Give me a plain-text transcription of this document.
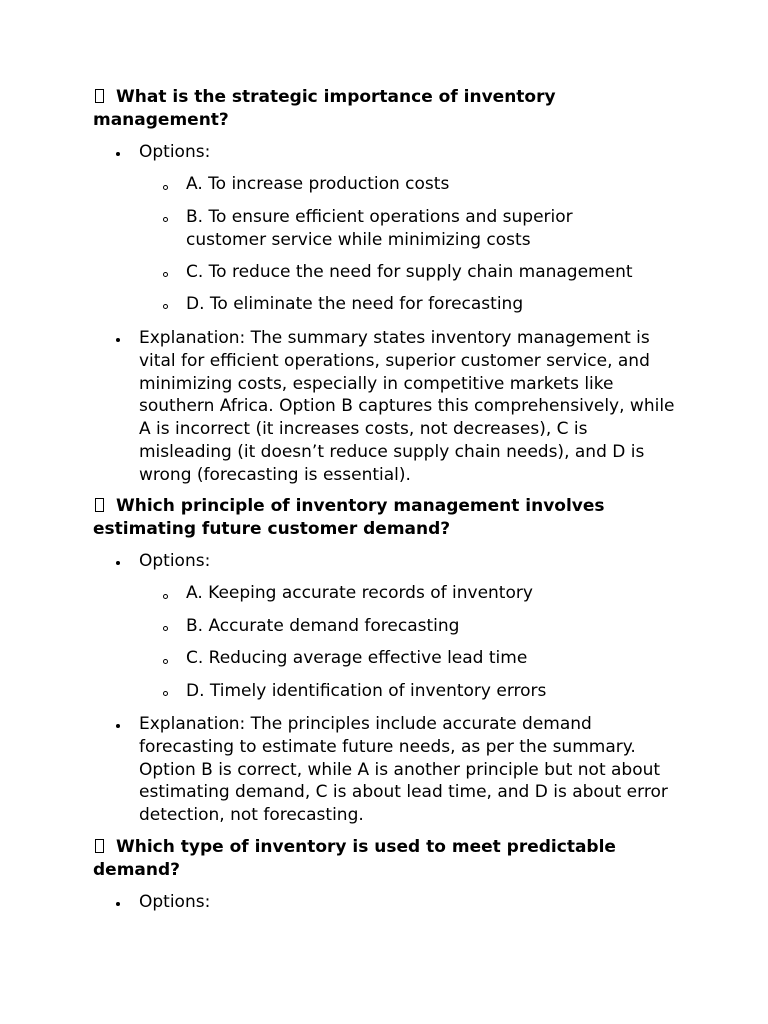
What is the strategic importance of inventory management?

Options:
A. To increase production costs
B. To ensure efficient operations and superior customer service while minimizing costs
C. To reduce the need for supply chain management
D. To eliminate the need for forecasting
Explanation: The summary states inventory management is vital for efficient operations, superior customer service, and minimizing costs, especially in competitive markets like southern Africa. Option B captures this comprehensively, while A is incorrect (it increases costs, not decreases), C is misleading (it doesn’t reduce supply chain needs), and D is wrong (forecasting is essential).

Which principle of inventory management involves estimating future customer demand?

Options:
A. Keeping accurate records of inventory
B. Accurate demand forecasting
C. Reducing average effective lead time
D. Timely identification of inventory errors
Explanation: The principles include accurate demand forecasting to estimate future needs, as per the summary. Option B is correct, while A is another principle but not about estimating demand, C is about lead time, and D is about error detection, not forecasting.

Which type of inventory is used to meet predictable demand?

Options:
